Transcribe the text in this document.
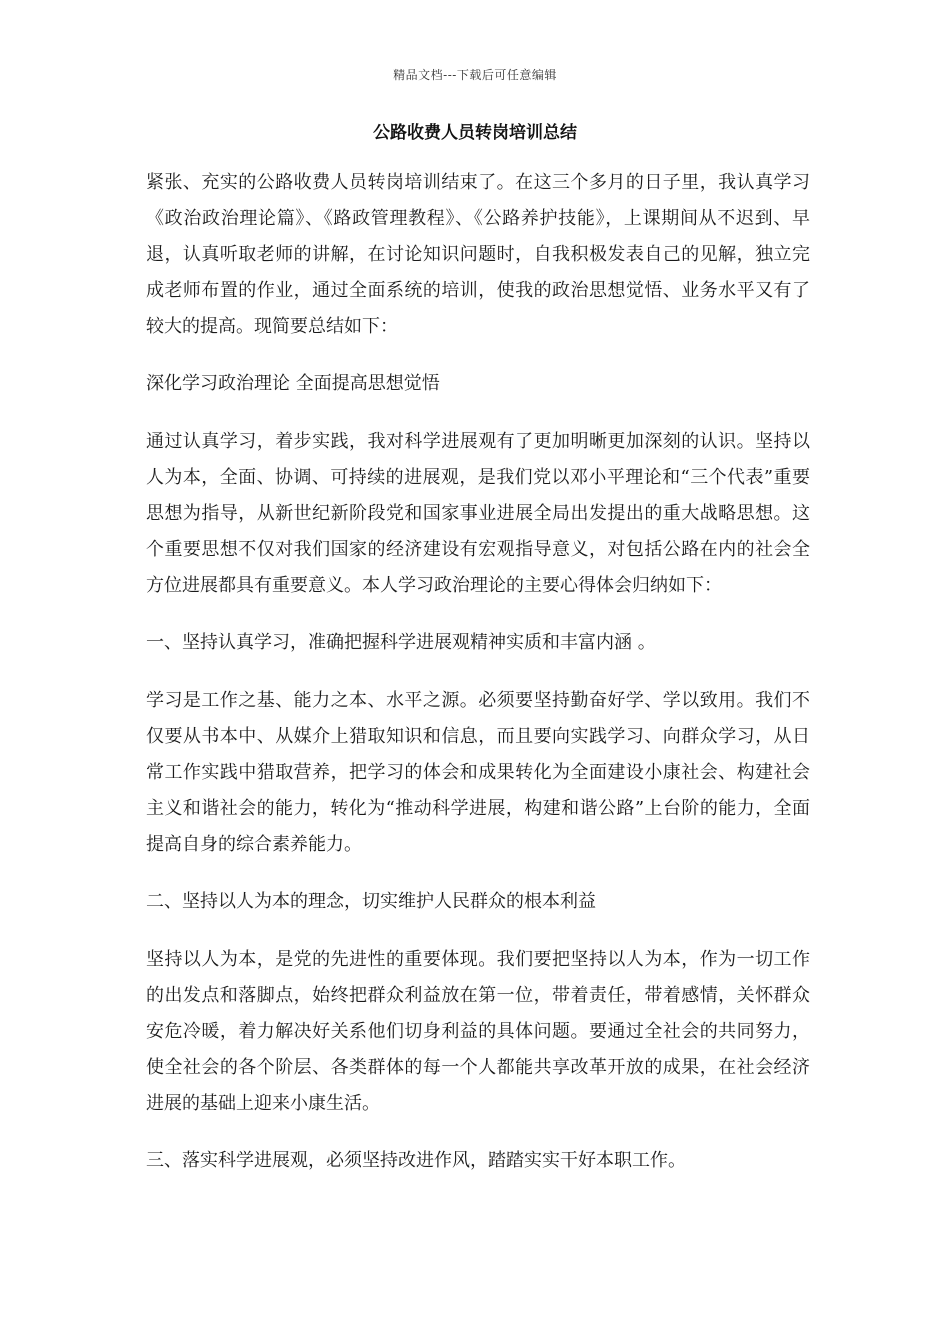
精品文档---下载后可任意编辑
公路收费人员转岗培训总结

紧张、充实的公路收费人员转岗培训结束了。在这三个多月的日子里，我认真学习《政治政治理论篇》、《路政管理教程》、《公路养护技能》，上课期间从不迟到、早退，认真听取老师的讲解，在讨论知识问题时，自我积极发表自己的见解，独立完成老师布置的作业，通过全面系统的培训，使我的政治思想觉悟、业务水平又有了较大的提高。现简要总结如下：

深化学习政治理论 全面提高思想觉悟

通过认真学习，着步实践，我对科学进展观有了更加明晰更加深刻的认识。坚持以人为本，全面、协调、可持续的进展观，是我们党以邓小平理论和“三个代表”重要思想为指导，从新世纪新阶段党和国家事业进展全局出发提出的重大战略思想。这个重要思想不仅对我们国家的经济建设有宏观指导意义，对包括公路在内的社会全方位进展都具有重要意义。本人学习政治理论的主要心得体会归纳如下：

一、坚持认真学习，准确把握科学进展观精神实质和丰富内涵 。

学习是工作之基、能力之本、水平之源。必须要坚持勤奋好学、学以致用。我们不仅要从书本中、从媒介上猎取知识和信息，而且要向实践学习、向群众学习，从日常工作实践中猎取营养，把学习的体会和成果转化为全面建设小康社会、构建社会主义和谐社会的能力，转化为“推动科学进展，构建和谐公路”上台阶的能力，全面提高自身的综合素养能力。

二、坚持以人为本的理念，切实维护人民群众的根本利益

坚持以人为本，是党的先进性的重要体现。我们要把坚持以人为本，作为一切工作的出发点和落脚点，始终把群众利益放在第一位，带着责任，带着感情，关怀群众安危冷暖，着力解决好关系他们切身利益的具体问题。要通过全社会的共同努力，使全社会的各个阶层、各类群体的每一个人都能共享改革开放的成果，在社会经济进展的基础上迎来小康生活。

三、落实科学进展观，必须坚持改进作风，踏踏实实干好本职工作。
